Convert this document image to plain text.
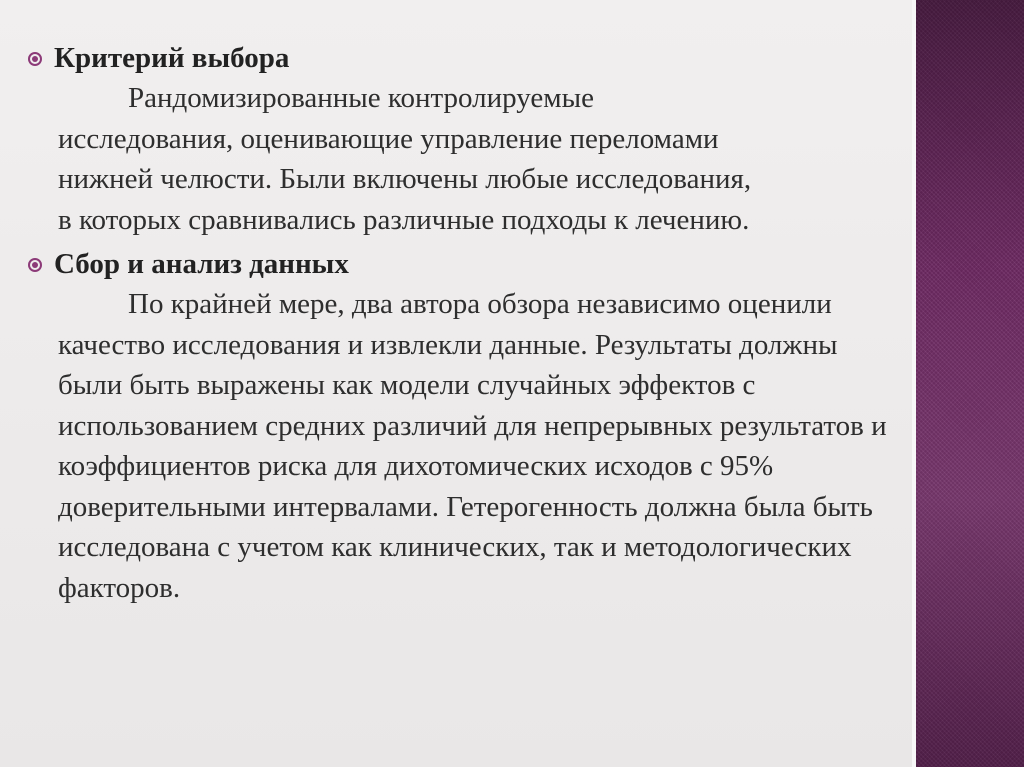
Критерий выбора

Рандомизированные контролируемые исследования, оценивающие управление переломами нижней челюсти. Были включены любые исследования, в которых сравнивались различные подходы к лечению.

Сбор и анализ данных

По крайней мере, два автора обзора независимо оценили качество исследования и извлекли данные. Результаты должны были быть выражены как модели случайных эффектов с использованием средних различий для непрерывных результатов и коэффициентов риска для дихотомических исходов с 95% доверительными интервалами. Гетерогенность должна была быть исследована с учетом как клинических, так и методологических факторов.
